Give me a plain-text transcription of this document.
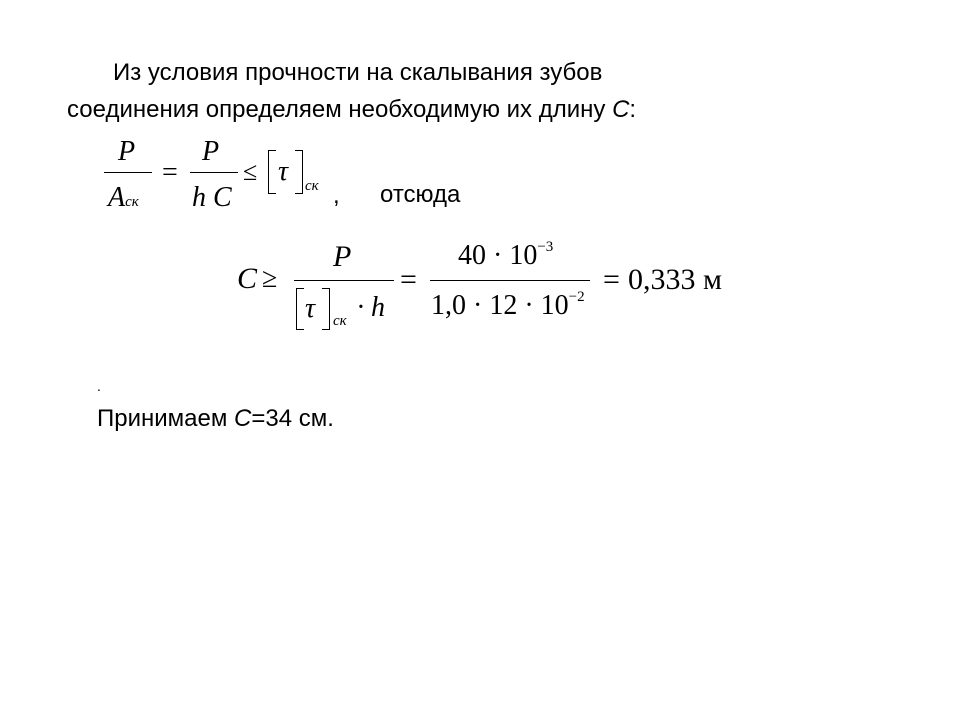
Из условия прочности на скалывания зубов
соединения определяем необходимую их длину C:
P
Aск
=
P
h C
≤ τ ск , отсюда
C ≥
P
τ ск · h
=
$40 \cdot 10^{-3}$
$1,0 \cdot 12 \cdot 10^{-2}$
= 0,333 м
.
Принимаем C=34 см.
